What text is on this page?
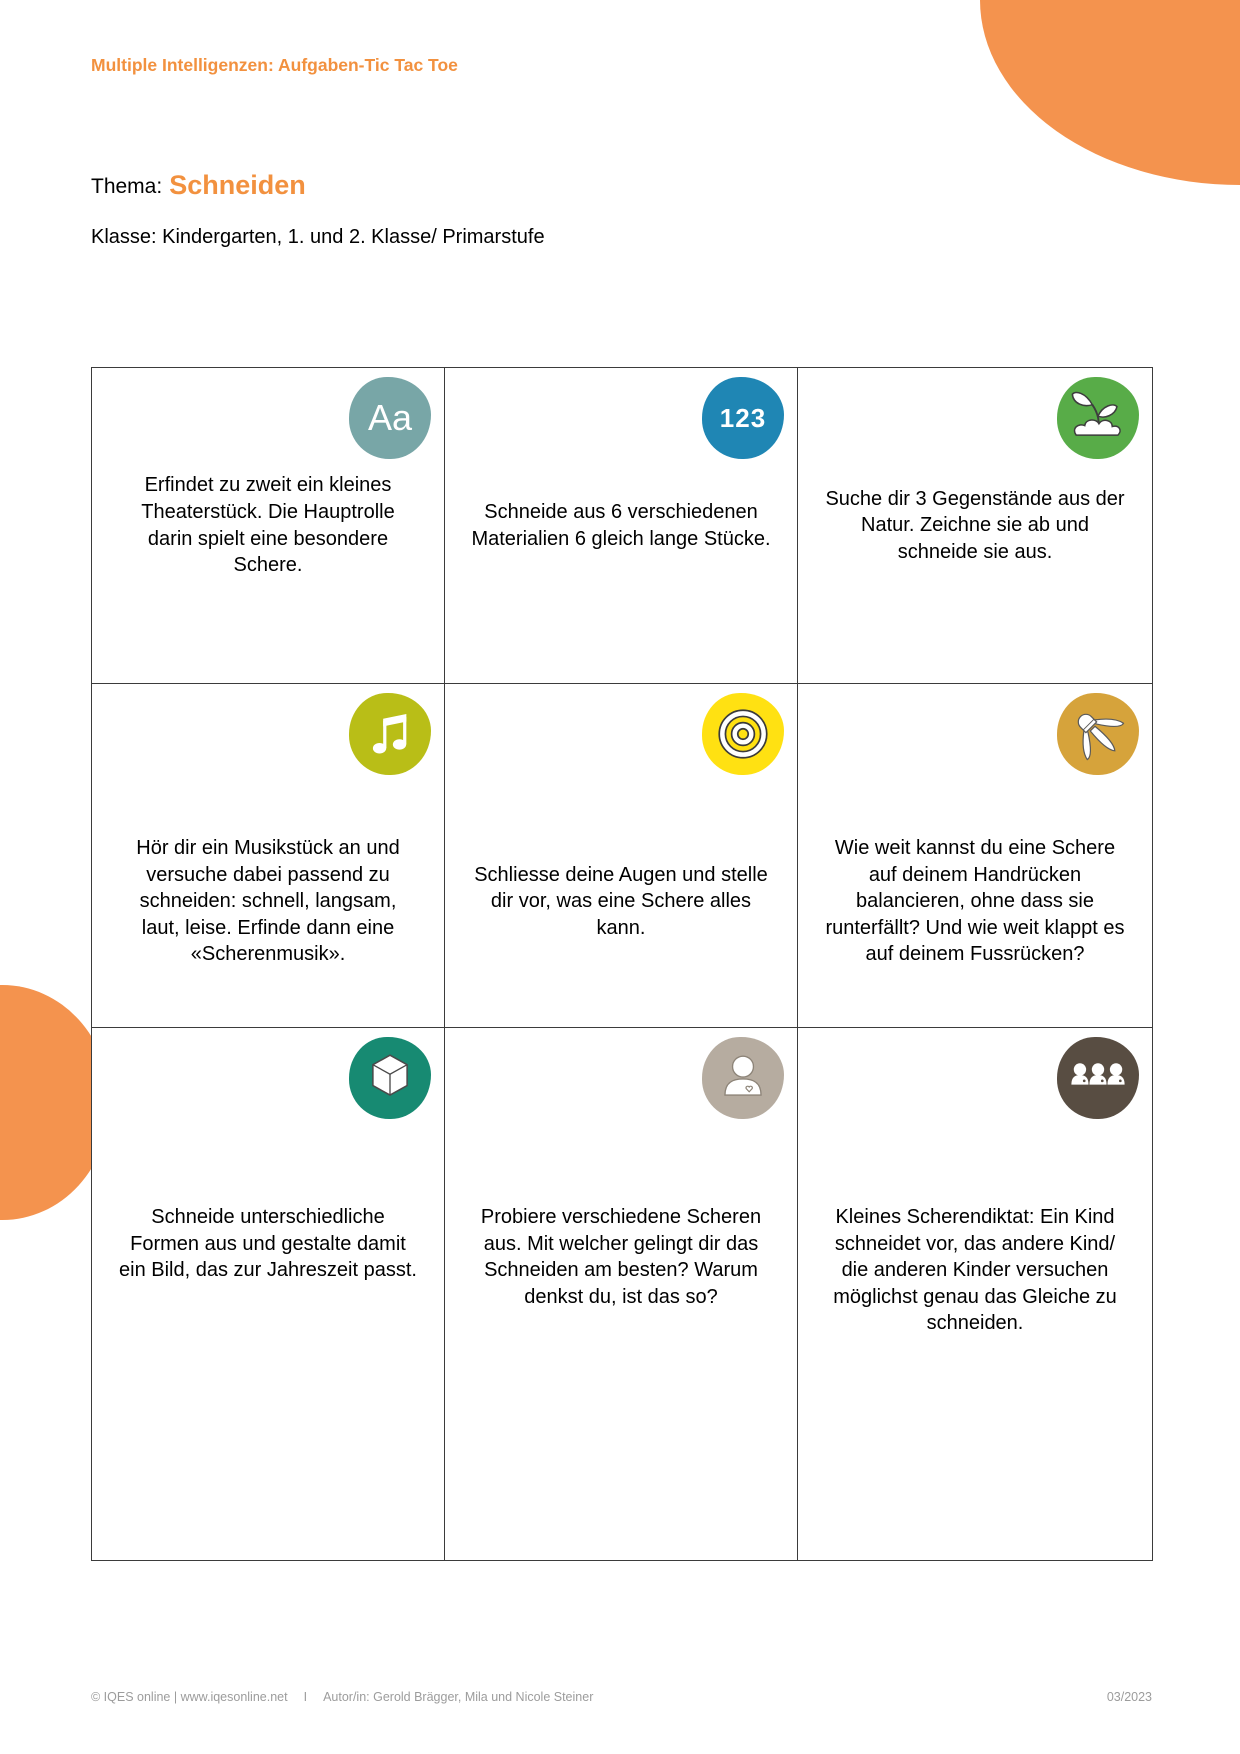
Multiple Intelligenzen: Aufgaben-Tic Tac Toe
Thema: Schneiden
Klasse: Kindergarten, 1. und 2. Klasse/ Primarstufe
Aa
Erfindet zu zweit ein kleines Theaterstück. Die Hauptrolle darin spielt eine besondere Schere.
123
Schneide aus 6 verschiedenen Materialien 6 gleich lange Stücke.
Suche dir 3 Gegenstände aus der Natur. Zeichne sie ab und schneide sie aus.
Hör dir ein Musikstück an und versuche dabei passend zu schneiden: schnell, langsam, laut, leise. Erfinde dann eine «Scherenmusik».
Schliesse deine Augen und stelle dir vor, was eine Schere alles kann.
Wie weit kannst du eine Schere auf deinem Handrücken balancieren, ohne dass sie runterfällt? Und wie weit klappt es auf deinem Fussrücken?
Schneide unterschiedliche Formen aus und gestalte damit ein Bild, das zur Jahreszeit passt.
Probiere verschiedene Scheren aus. Mit welcher gelingt dir das Schneiden am besten? Warum denkst du, ist das so?
Kleines Scherendiktat: Ein Kind schneidet vor, das andere Kind/ die anderen Kinder versuchen möglichst genau das Gleiche zu schneiden.
© IQES online | www.iqesonline.net I Autor/in: Gerold Brägger, Mila und Nicole Steiner	03/2023
